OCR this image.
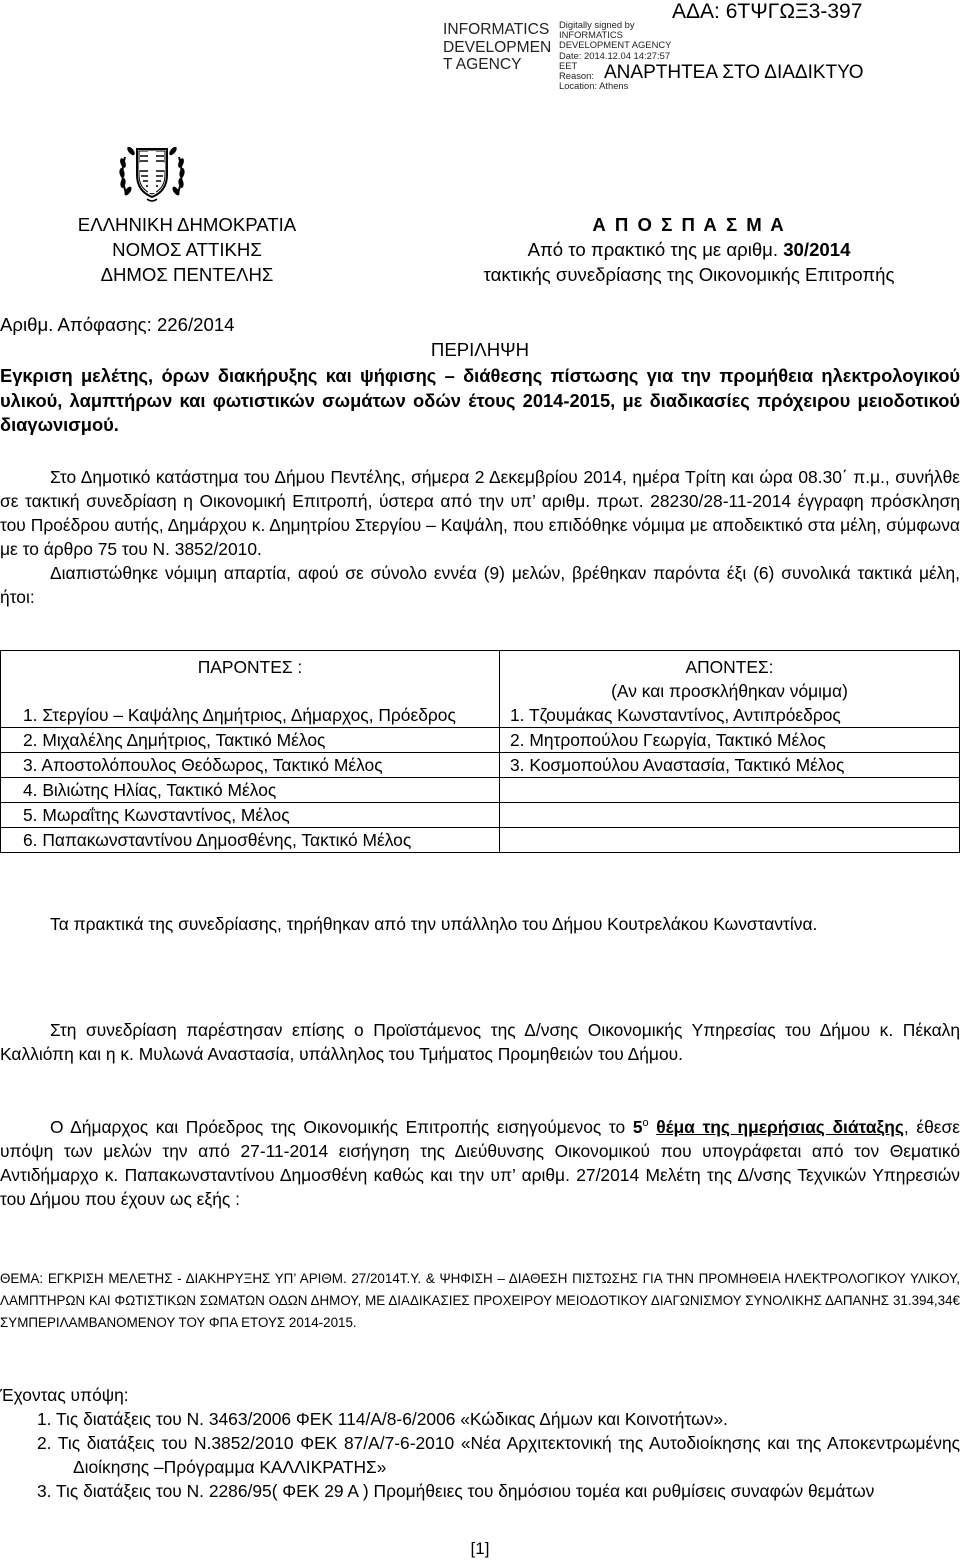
INFORMATICS
DEVELOPMEN
T AGENCY
Digitally signed by
INFORMATICS
DEVELOPMENT AGENCY
Date: 2014.12.04 14:27:57
EET
Reason:
Location: Athens
ΑΔΑ: 6ΤΨΓΩΞ3-397
ΑΝΑΡΤΗΤΕΑ ΣΤΟ ΔΙΑΔΙΚΤΥΟ
ΕΛΛΗΝΙΚΗ ΔΗΜΟΚΡΑΤΙΑ
ΝΟΜΟΣ ΑΤΤΙΚΗΣ
ΔΗΜΟΣ ΠΕΝΤΕΛΗΣ
Α Π Ο Σ Π Α Σ Μ Α
Από το πρακτικό της με αριθμ. 30/2014
τακτικής συνεδρίασης της Οικονομικής Επιτροπής
Αριθμ. Απόφασης: 226/2014
ΠΕΡΙΛΗΨΗ
Εγκριση μελέτης, όρων διακήρυξης και ψήφισης – διάθεσης πίστωσης για την προμήθεια ηλεκτρολογικού υλικού, λαμπτήρων και φωτιστικών σωμάτων οδών έτους 2014-2015, με διαδικασίες πρόχειρου μειοδοτικού διαγωνισμού.
Στο Δημοτικό κατάστημα του Δήμου Πεντέλης, σήμερα 2 Δεκεμβρίου 2014, ημέρα Τρίτη και ώρα 08.30΄ π.μ., συνήλθε σε τακτική συνεδρίαση η Οικονομική Επιτροπή, ύστερα από την υπ’ αριθμ. πρωτ. 28230/28-11-2014 έγγραφη πρόσκληση του Προέδρου αυτής, Δημάρχου κ. Δημητρίου Στεργίου – Καψάλη, που επιδόθηκε νόμιμα με αποδεικτικό στα μέλη, σύμφωνα με το άρθρο 75 του Ν. 3852/2010.
Διαπιστώθηκε νόμιμη απαρτία, αφού σε σύνολο εννέα (9) μελών, βρέθηκαν παρόντα έξι (6) συνολικά τακτικά μέλη, ήτοι:
ΠΑΡΟΝΤΕΣ :	ΑΠΟΝΤΕΣ:
(Αν και προσκλήθηκαν νόμιμα)

1. Στεργίου – Καψάλης Δημήτριος, Δήμαρχος, Πρόεδρος	1. Τζουμάκας Κωνσταντίνος, Αντιπρόεδρος

2. Μιχαλέλης Δημήτριος, Τακτικό Μέλος	2. Μητροπούλου Γεωργία, Τακτικό Μέλος

3. Αποστολόπουλος Θεόδωρος, Τακτικό Μέλος	3. Κοσμοπούλου Αναστασία, Τακτικό Μέλος

4. Βιλιώτης Ηλίας, Τακτικό Μέλος	

5. Μωραΐτης Κωνσταντίνος, Μέλος	

6. Παπακωνσταντίνου Δημοσθένης, Τακτικό Μέλος	

Τα πρακτικά της συνεδρίασης, τηρήθηκαν από την υπάλληλο του Δήμου Κουτρελάκου Κωνσταντίνα.
Στη συνεδρίαση παρέστησαν επίσης ο Προϊστάμενος της Δ/νσης Οικονομικής Υπηρεσίας του Δήμου κ. Πέκαλη Καλλιόπη και η κ. Μυλωνά Αναστασία, υπάλληλος του Τμήματος Προμηθειών του Δήμου.
Ο Δήμαρχος και Πρόεδρος της Οικονομικής Επιτροπής εισηγούμενος το $5^o$ θέμα της ημερήσιας διάταξης, έθεσε υπόψη των μελών την από 27-11-2014 εισήγηση της Διεύθυνσης Οικονομικού που υπογράφεται από τον Θεματικό Αντιδήμαρχο κ. Παπακωνσταντίνου Δημοσθένη καθώς και την υπ’ αριθμ. 27/2014 Μελέτη της Δ/νσης Τεχνικών Υπηρεσιών του Δήμου που έχουν ως εξής :
ΘΕΜΑ: ΕΓΚΡΙΣΗ ΜΕΛΕΤΗΣ - ΔΙΑΚΗΡΥΞΗΣ ΥΠ’ ΑΡΙΘΜ. 27/2014Τ.Υ. & ΨΗΦΙΣΗ – ΔΙΑΘΕΣΗ ΠΙΣΤΩΣΗΣ ΓΙΑ ΤΗΝ ΠΡΟΜΗΘΕΙΑ ΗΛΕΚΤΡΟΛΟΓΙΚΟΥ ΥΛΙΚΟΥ, ΛΑΜΠΤΗΡΩΝ ΚΑΙ ΦΩΤΙΣΤΙΚΩΝ ΣΩΜΑΤΩΝ ΟΔΩΝ ΔΗΜΟΥ, ΜΕ ΔΙΑΔΙΚΑΣΙΕΣ ΠΡΟΧΕΙΡΟΥ ΜΕΙΟΔΟΤΙΚΟΥ ΔΙΑΓΩΝΙΣΜΟΥ ΣΥΝΟΛΙΚΗΣ ΔΑΠΑΝΗΣ 31.394,34€ ΣΥΜΠΕΡΙΛΑΜΒΑΝΟΜΕΝΟΥ ΤΟΥ ΦΠΑ ΕΤΟΥΣ 2014-2015.
Έχοντας υπόψη:
1. Τις διατάξεις του Ν. 3463/2006 ΦΕΚ 114/Α/8-6/2006 «Κώδικας Δήμων και Κοινοτήτων».
2. Τις διατάξεις του Ν.3852/2010 ΦΕΚ 87/Α/7-6-2010 «Νέα Αρχιτεκτονική της Αυτοδιοίκησης και της Αποκεντρωμένης Διοίκησης –Πρόγραμμα ΚΑΛΛΙΚΡΑΤΗΣ»
3. Τις διατάξεις του Ν. 2286/95( ΦΕΚ 29 Α ) Προμήθειες του δημόσιου τομέα και ρυθμίσεις συναφών θεμάτων
[1]
